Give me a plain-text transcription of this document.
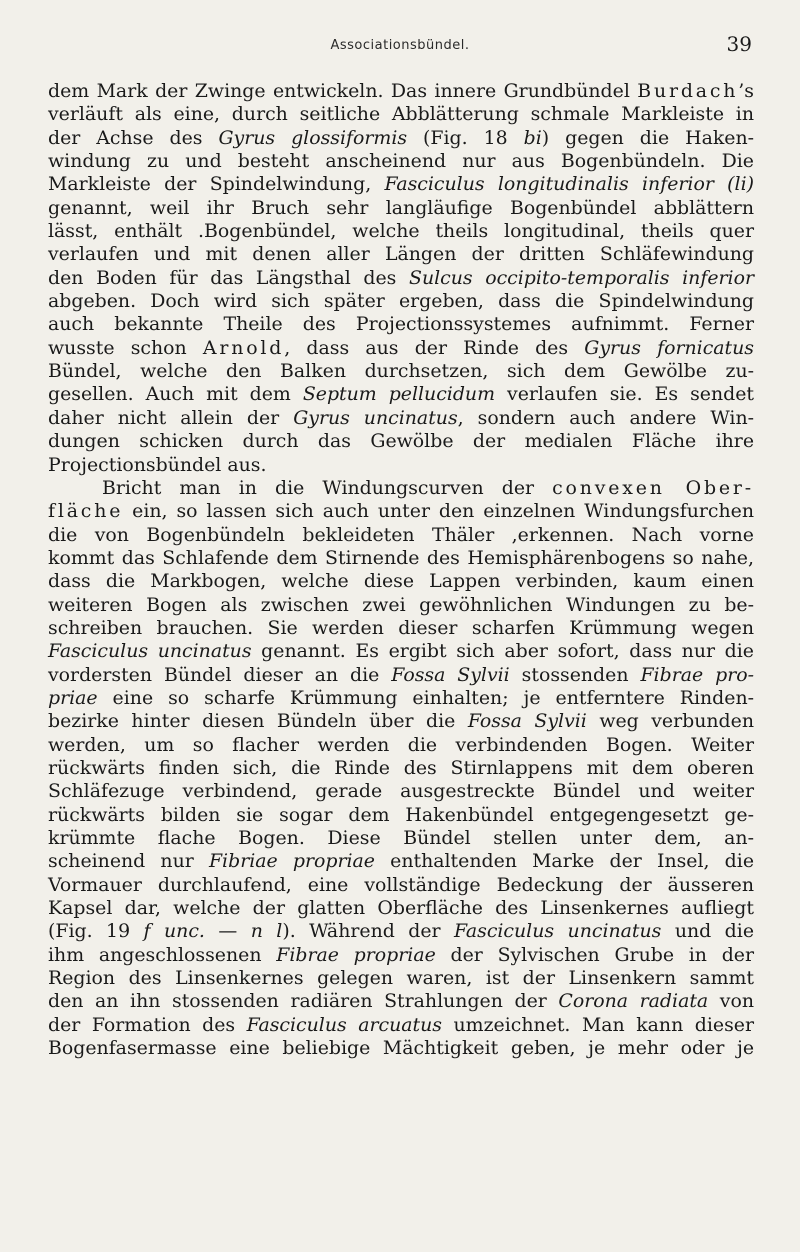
Associationsbündel.	39
dem Mark der Zwinge entwickeln. Das innere Grundbündel Burdach’s
verläuft als eine, durch seitliche Abblätterung schmale Markleiste in
der Achse des Gyrus glossiformis (Fig. 18 bi) gegen die Haken-
windung zu und besteht anscheinend nur aus Bogenbündeln. Die
Markleiste der Spindelwindung, Fasciculus longitudinalis inferior (li)
genannt, weil ihr Bruch sehr langläufige Bogenbündel abblättern
lässt, enthält .Bogenbündel, welche theils longitudinal, theils quer
verlaufen und mit denen aller Längen der dritten Schläfewindung
den Boden für das Längsthal des Sulcus occipito-temporalis inferior
abgeben. Doch wird sich später ergeben, dass die Spindelwindung
auch bekannte Theile des Projectionssystemes aufnimmt. Ferner
wusste schon Arnold, dass aus der Rinde des Gyrus fornicatus
Bündel, welche den Balken durchsetzen, sich dem Gewölbe zu-
gesellen. Auch mit dem Septum pellucidum verlaufen sie. Es sendet
daher nicht allein der Gyrus uncinatus, sondern auch andere Win-
dungen schicken durch das Gewölbe der medialen Fläche ihre
Projectionsbündel aus.
Bricht man in die Windungscurven der convexen Ober-
fläche ein, so lassen sich auch unter den einzelnen Windungsfurchen
die von Bogenbündeln bekleideten Thäler ,erkennen. Nach vorne
kommt das Schlafende dem Stirnende des Hemisphärenbogens so nahe,
dass die Markbogen, welche diese Lappen verbinden, kaum einen
weiteren Bogen als zwischen zwei gewöhnlichen Windungen zu be-
schreiben brauchen. Sie werden dieser scharfen Krümmung wegen
Fasciculus uncinatus genannt. Es ergibt sich aber sofort, dass nur die
vordersten Bündel dieser an die Fossa Sylvii stossenden Fibrae pro-
priae eine so scharfe Krümmung einhalten; je entferntere Rinden-
bezirke hinter diesen Bündeln über die Fossa Sylvii weg verbunden
werden, um so flacher werden die verbindenden Bogen. Weiter
rückwärts finden sich, die Rinde des Stirnlappens mit dem oberen
Schläfezuge verbindend, gerade ausgestreckte Bündel und weiter
rückwärts bilden sie sogar dem Hakenbündel entgegengesetzt ge-
krümmte flache Bogen. Diese Bündel stellen unter dem, an-
scheinend nur Fibriae propriae enthaltenden Marke der Insel, die
Vormauer durchlaufend, eine vollständige Bedeckung der äusseren
Kapsel dar, welche der glatten Oberfläche des Linsenkernes aufliegt
(Fig. 19 f unc. — n l). Während der Fasciculus uncinatus und die
ihm angeschlossenen Fibrae propriae der Sylvischen Grube in der
Region des Linsenkernes gelegen waren, ist der Linsenkern sammt
den an ihn stossenden radiären Strahlungen der Corona radiata von
der Formation des Fasciculus arcuatus umzeichnet. Man kann dieser
Bogenfasermasse eine beliebige Mächtigkeit geben, je mehr oder je
